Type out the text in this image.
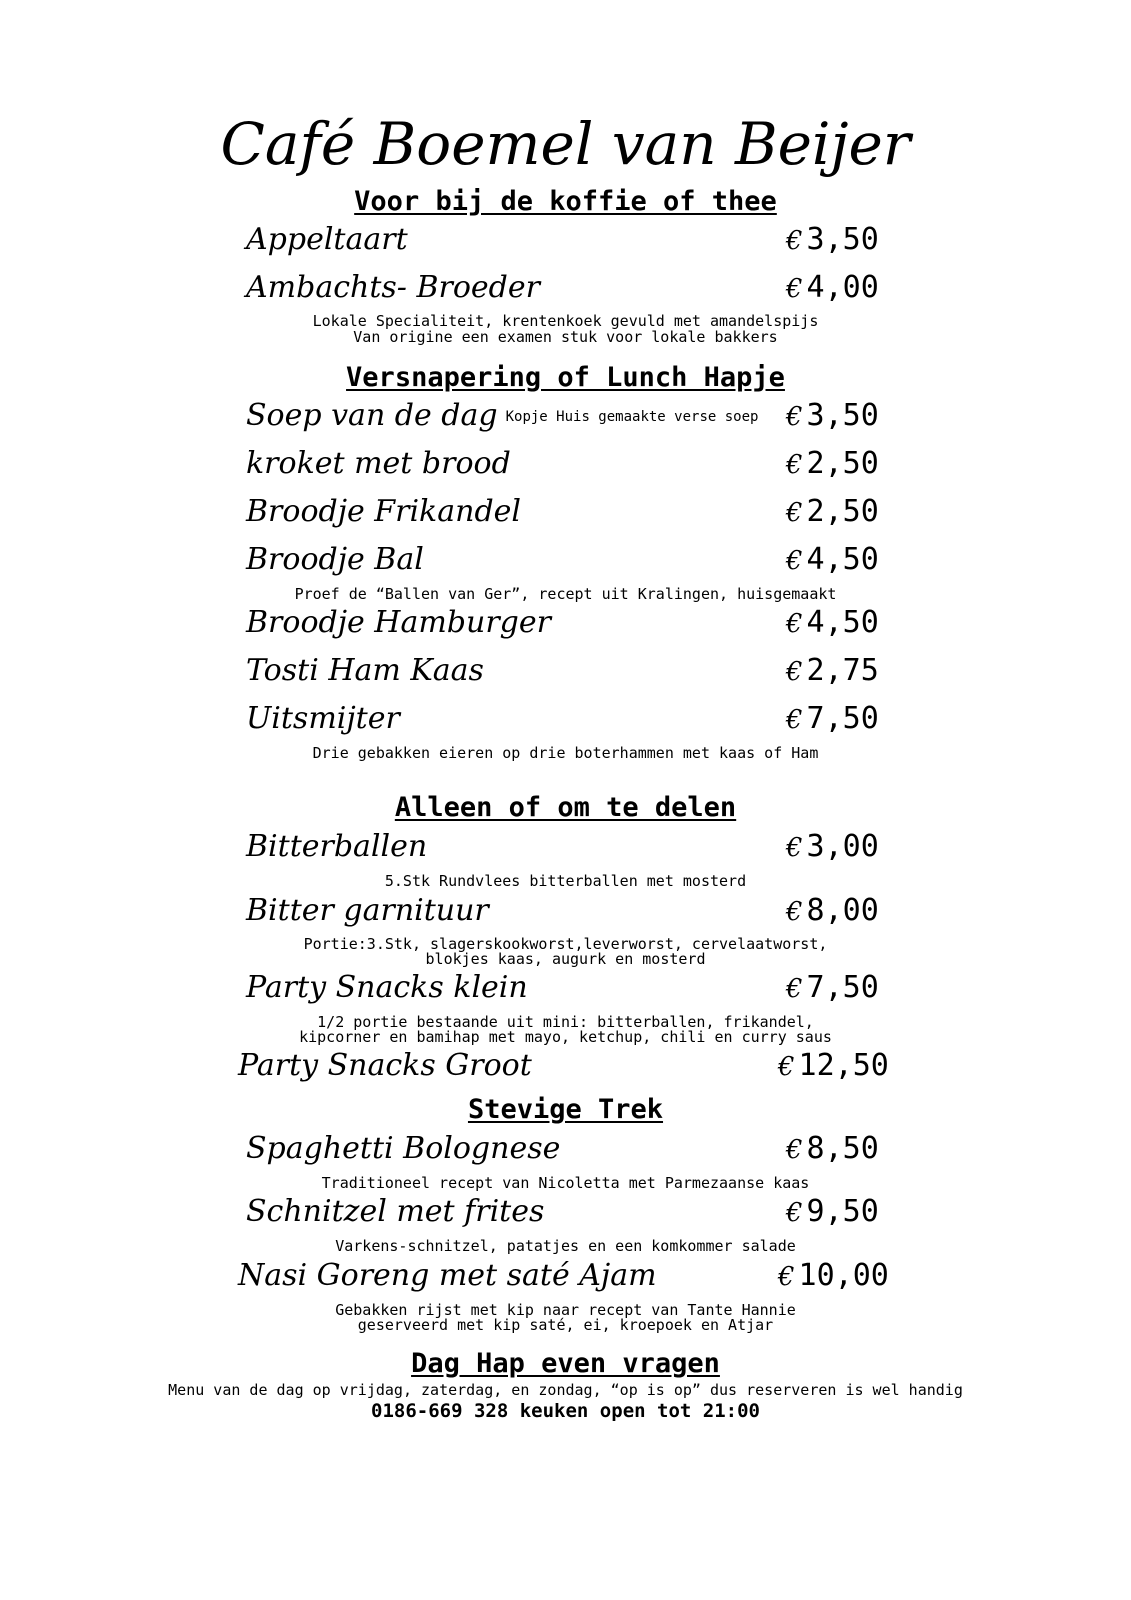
Café Boemel van Beijer
Voor bij de koffie of thee
Appeltaart	€ 3,50
Ambachts- Broeder	€ 4,00
Lokale Specialiteit, krentenkoek gevuld met amandelspijs
Van origine een examen stuk voor lokale bakkers
Versnapering of Lunch Hapje
Soep van de dag Kopje Huis gemaakte verse soep € 3,50
kroket met brood	€ 2,50
Broodje Frikandel	€ 2,50
Broodje Bal	€ 4,50
Proef de “Ballen van Ger”, recept uit Kralingen, huisgemaakt
Broodje Hamburger	€ 4,50
Tosti Ham Kaas	€ 2,75
Uitsmijter	€ 7,50
Drie gebakken eieren op drie boterhammen met kaas of Ham
Alleen of om te delen
Bitterballen	€ 3,00
5.Stk Rundvlees bitterballen met mosterd
Bitter garnituur	€ 8,00
Portie:3.Stk, slagerskookworst,leverworst, cervelaatworst,
blokjes kaas, augurk en mosterd
Party Snacks klein	€ 7,50
1/2 portie bestaande uit mini: bitterballen, frikandel,
kipcorner en bamihap met mayo, ketchup, chili en curry saus
Party Snacks Groot	€ 12,50
Stevige Trek
Spaghetti Bolognese	€ 8,50
Traditioneel recept van Nicoletta met Parmezaanse kaas
Schnitzel met frites	€ 9,50
Varkens-schnitzel, patatjes en een komkommer salade
Nasi Goreng met saté Ajam	€ 10,00
Gebakken rijst met kip naar recept van Tante Hannie
geserveerd met kip saté, ei, kroepoek en Atjar
Dag Hap even vragen
Menu van de dag op vrijdag, zaterdag, en zondag, “op is op” dus reserveren is wel handig
0186-669 328 keuken open tot 21:00
